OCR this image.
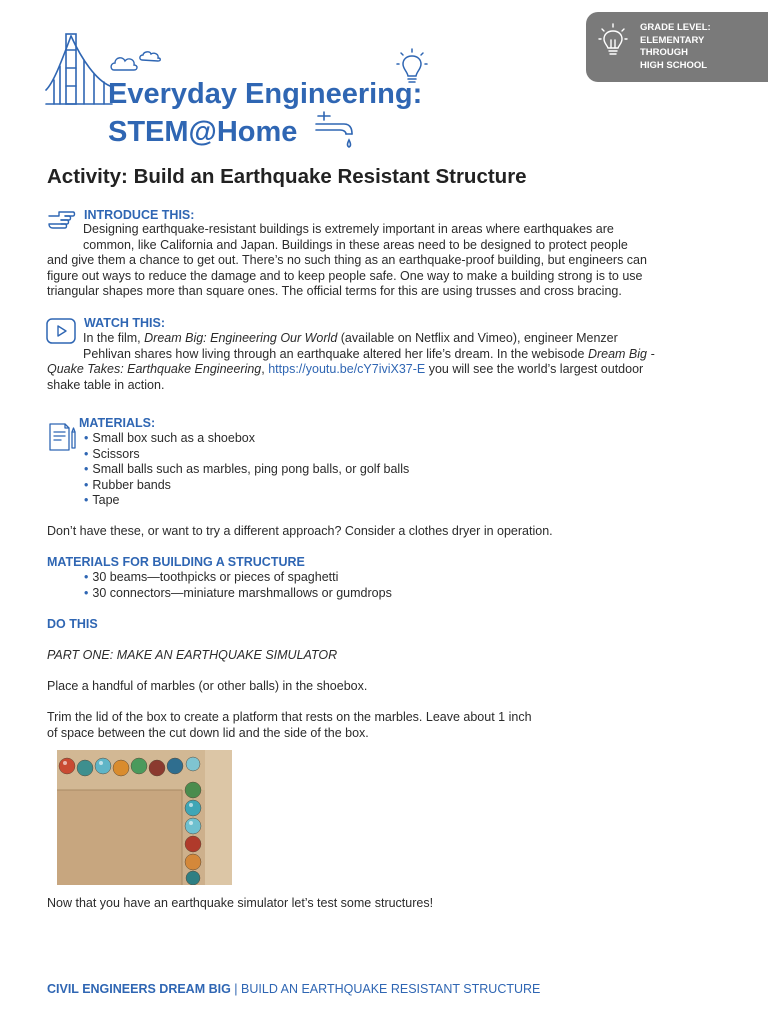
GRADE LEVEL:
ELEMENTARY
THROUGH
HIGH SCHOOL
Everyday Engineering:
STEM@Home
Activity: Build an Earthquake Resistant Structure
INTRODUCE THIS:
Designing earthquake-resistant buildings is extremely important in areas where earthquakes are
common, like California and Japan. Buildings in these areas need to be designed to protect people
and give them a chance to get out. There’s no such thing as an earthquake-proof building, but engineers can
figure out ways to reduce the damage and to keep people safe. One way to make a building strong is to use
triangular shapes more than square ones. The official terms for this are using trusses and cross bracing.
WATCH THIS:
In the film, Dream Big: Engineering Our World (available on Netflix and Vimeo), engineer Menzer
Pehlivan shares how living through an earthquake altered her life’s dream. In the webisode Dream Big -
Quake Takes: Earthquake Engineering, https://youtu.be/cY7iviX37-E you will see the world’s largest outdoor
shake table in action.
MATERIALS:
• Small box such as a shoebox
• Scissors
• Small balls such as marbles, ping pong balls, or golf balls
• Rubber bands
• Tape
Don’t have these, or want to try a different approach? Consider a clothes dryer in operation.
MATERIALS FOR BUILDING A STRUCTURE
• 30 beams—toothpicks or pieces of spaghetti
• 30 connectors—miniature marshmallows or gumdrops
DO THIS
PART ONE: MAKE AN EARTHQUAKE SIMULATOR
Place a handful of marbles (or other balls) in the shoebox.
Trim the lid of the box to create a platform that rests on the marbles. Leave about 1 inch
of space between the cut down lid and the side of the box.
Now that you have an earthquake simulator let’s test some structures!
CIVIL ENGINEERS DREAM BIG | BUILD AN EARTHQUAKE RESISTANT STRUCTURE
